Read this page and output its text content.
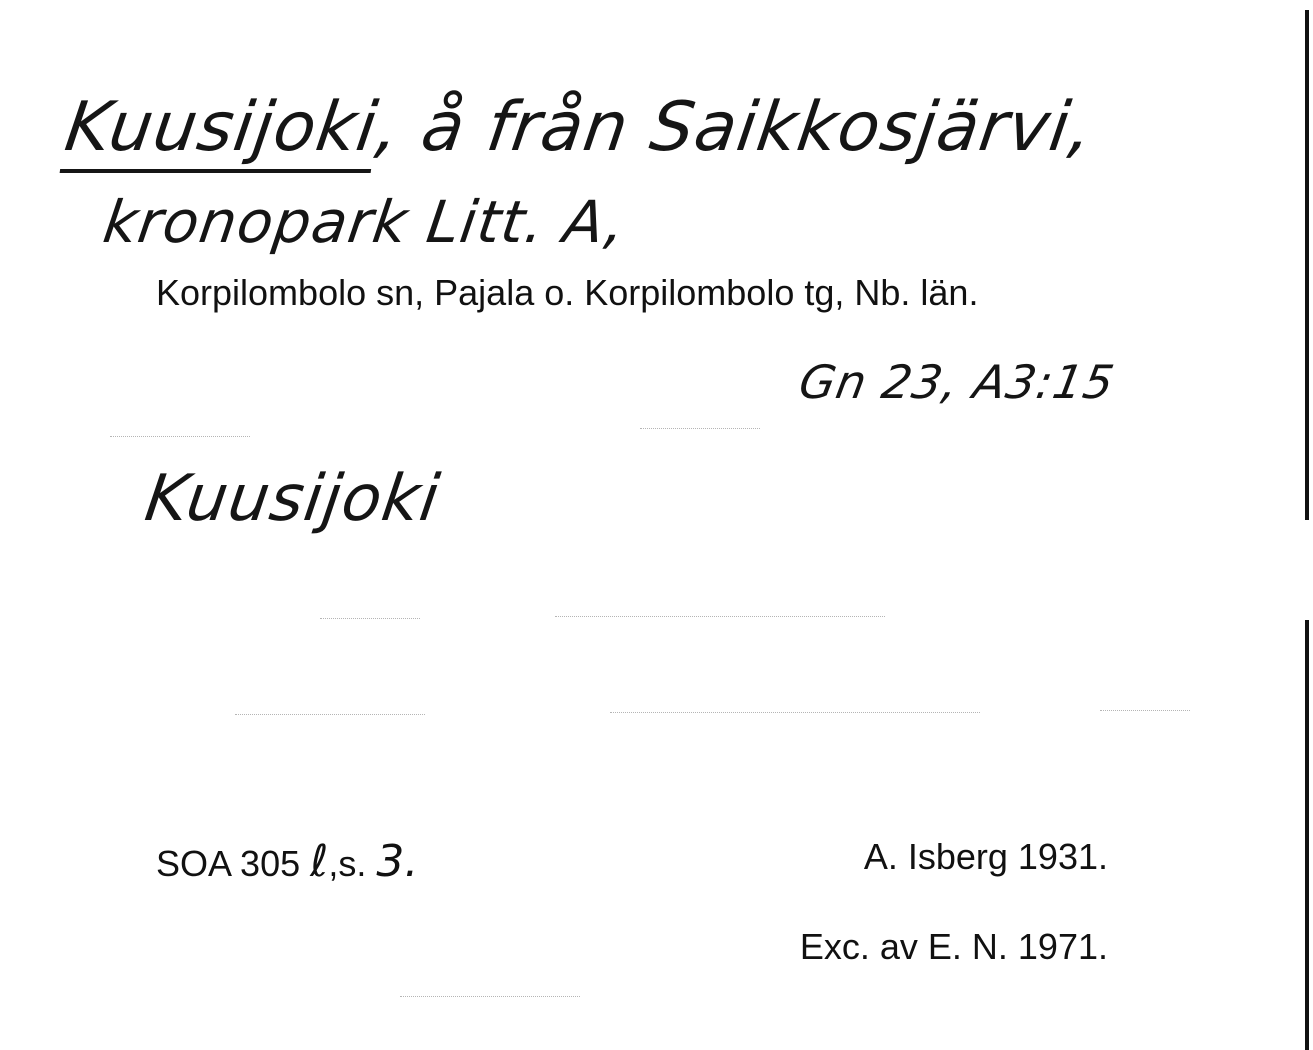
Kuusijoki, å från Saikkosjärvi,
kronopark Litt. A,
Korpilombolo sn, Pajala o. Korpilombolo tg, Nb. län.
Gn 23, A3:15
Kuusijoki
SOA 305 ℓ,s. 3.	A. Isberg 1931.
Exc. av E. N. 1971.
